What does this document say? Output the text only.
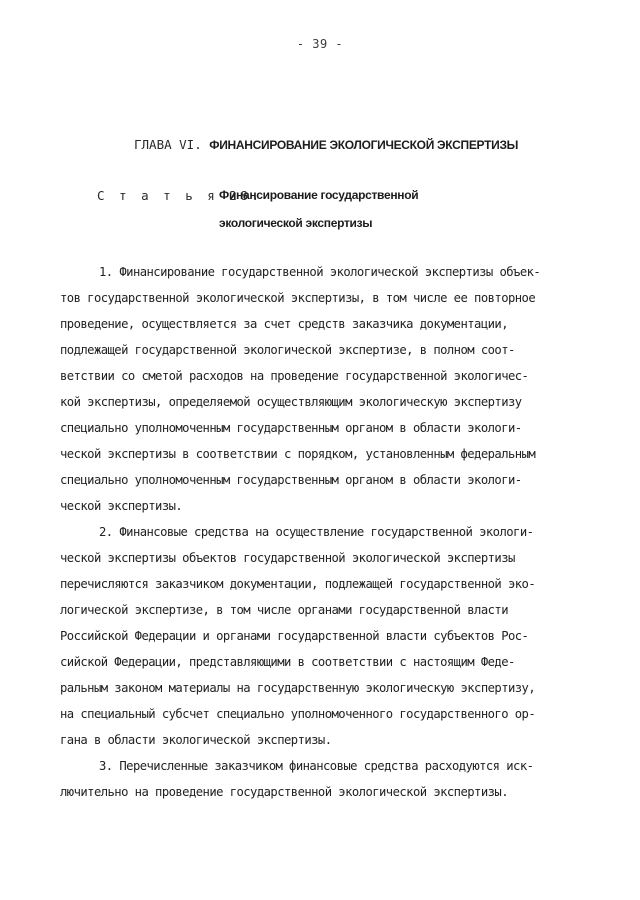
- 39 -
ГЛАВА VI. ФИНАНСИРОВАНИЕ ЭКОЛОГИЧЕСКОЙ ЭКСПЕРТИЗЫ
С т а т ь я 28.
Финансирование государственной
экологической экспертизы
1. Финансирование государственной экологической экспертизы объек-
тов государственной экологической экспертизы, в том числе ее повторное
проведение, осуществляется за счет средств заказчика документации,
подлежащей государственной экологической экспертизе, в полном соот-
ветствии со сметой расходов на проведение государственной экологичес-
кой экспертизы, определяемой осуществляющим экологическую экспертизу
специально уполномоченным государственным органом в области экологи-
ческой экспертизы в соответствии с порядком, установленным федеральным
специально уполномоченным государственным органом в области экологи-
ческой экспертизы.
2. Финансовые средства на осуществление государственной экологи-
ческой экспертизы объектов государственной экологической экспертизы
перечисляются заказчиком документации, подлежащей государственной эко-
логической экспертизе, в том числе органами государственной власти
Российской Федерации и органами государственной власти субъектов Рос-
сийской Федерации, представляющими в соответствии с настоящим Феде-
ральным законом материалы на государственную экологическую экспертизу,
на специальный субсчет специально уполномоченного государственного ор-
гана в области экологической экспертизы.
3. Перечисленные заказчиком финансовые средства расходуются иск-
лючительно на проведение государственной экологической экспертизы.
